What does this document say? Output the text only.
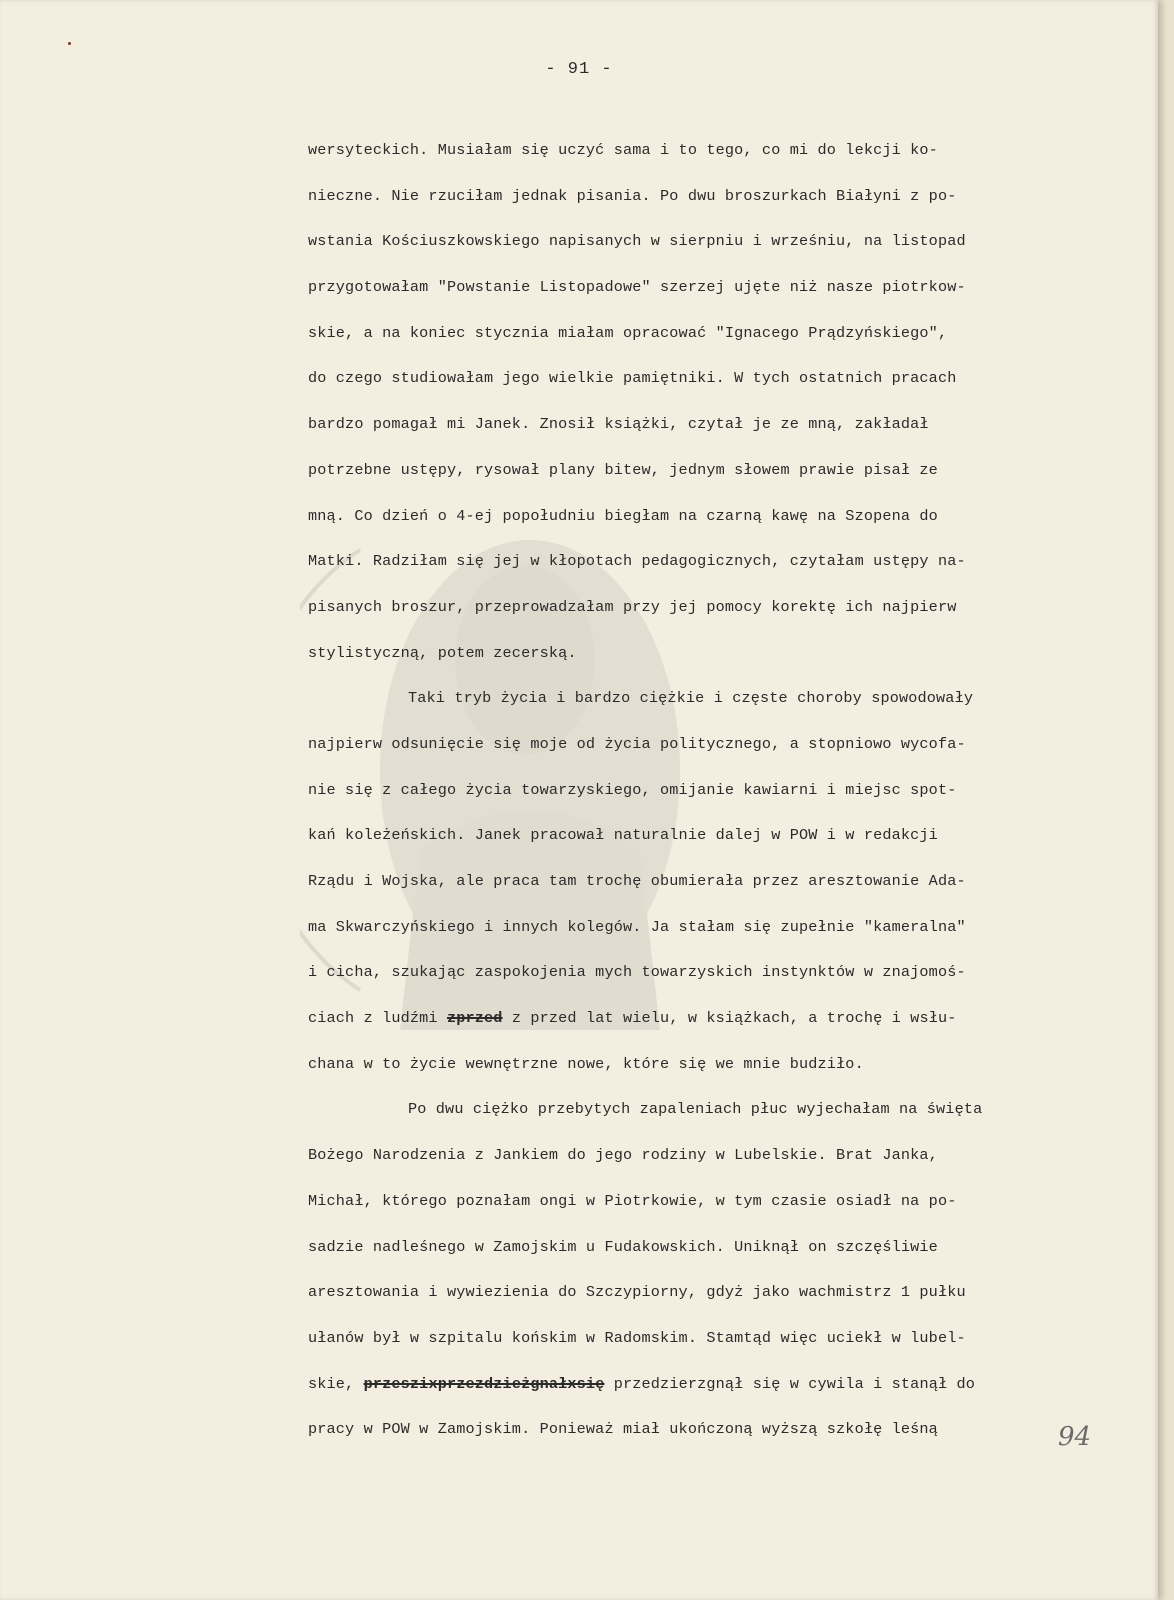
- 91 -
wersyteckich. Musiałam się uczyć sama i to tego, co mi do lekcji ko-
nieczne. Nie rzuciłam jednak pisania. Po dwu broszurkach Białyni z po-
wstania Kościuszkowskiego napisanych w sierpniu i wrześniu, na listopad
przygotowałam "Powstanie Listopadowe" szerzej ujęte niż nasze piotrkow-
skie, a na koniec stycznia miałam opracować "Ignacego Prądzyńskiego",
do czego studiowałam jego wielkie pamiętniki. W tych ostatnich pracach
bardzo pomagał mi Janek. Znosił książki, czytał je ze mną, zakładał
potrzebne ustępy, rysował plany bitew, jednym słowem prawie pisał ze
mną. Co dzień o 4-ej popołudniu biegłam na czarną kawę na Szopena do
Matki. Radziłam się jej w kłopotach pedagogicznych, czytałam ustępy na-
pisanych broszur, przeprowadzałam przy jej pomocy korektę ich najpierw
stylistyczną, potem zecerską.
Taki tryb życia i bardzo ciężkie i częste choroby spowodowały
najpierw odsunięcie się moje od życia politycznego, a stopniowo wycofa-
nie się z całego życia towarzyskiego, omijanie kawiarni i miejsc spot-
kań koleżeńskich. Janek pracował naturalnie dalej w POW i w redakcji
Rządu i Wojska, ale praca tam trochę obumierała przez aresztowanie Ada-
ma Skwarczyńskiego i innych kolegów. Ja stałam się zupełnie "kameralna"
i cicha, szukając zaspokojenia mych towarzyskich instynktów w znajomoś-
ciach z ludźmi zprzed z przed lat wielu, w książkach, a trochę i wsłu-
chana w to życie wewnętrzne nowe, które się we mnie budziło.
Po dwu ciężko przebytych zapaleniach płuc wyjechałam na święta
Bożego Narodzenia z Jankiem do jego rodziny w Lubelskie. Brat Janka,
Michał, którego poznałam ongi w Piotrkowie, w tym czasie osiadł na po-
sadzie nadleśnego w Zamojskim u Fudakowskich. Uniknął on szczęśliwie
aresztowania i wywiezienia do Szczypiorny, gdyż jako wachmistrz 1 pułku
ułanów był w szpitalu końskim w Radomskim. Stamtąd więc uciekł w lubel-
skie, przeszixprzezdzieżgnałxsię przedzierzgnął się w cywila i stanął do
pracy w POW w Zamojskim. Ponieważ miał ukończoną wyższą szkołę leśną	94
